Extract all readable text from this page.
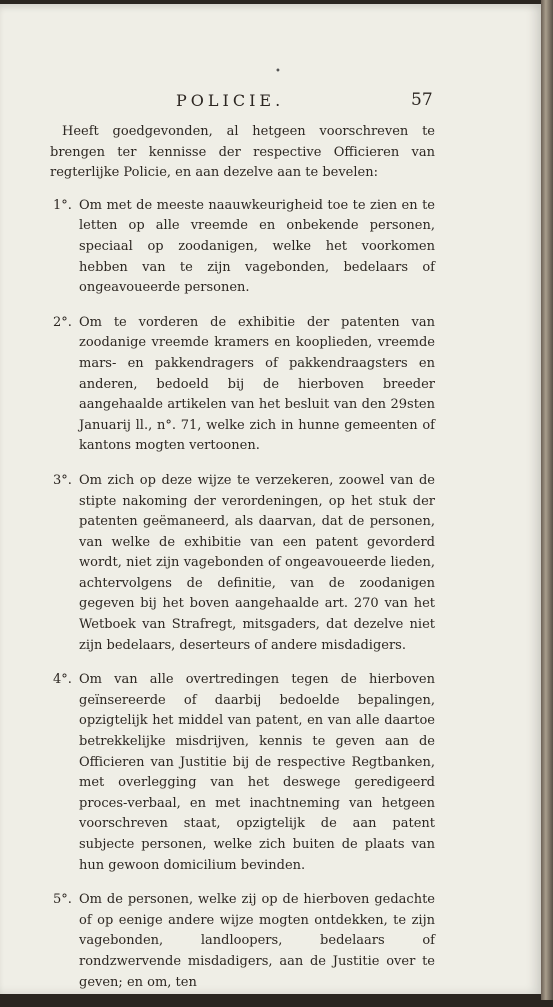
•
POLICIE.	57

Heeft goedgevonden, al hetgeen voorschreven te brengen ter kennisse der respective Officieren van regterlijke Policie, en aan dezelve aan te bevelen:

1°. Om met de meeste naauwkeurigheid toe te zien en te letten op alle vreemde en onbekende personen, speciaal op zoodanigen, welke het voorkomen hebben van te zijn vagebonden, bedelaars of ongeavoueerde personen.

2°. Om te vorderen de exhibitie der patenten van zoodanige vreemde kramers en kooplieden, vreemde mars- en pakkendragers of pakkendraagsters en anderen, bedoeld bij de hierboven breeder aangehaalde artikelen van het besluit van den 29sten Januarij ll., n°. 71, welke zich in hunne gemeenten of kantons mogten vertoonen.

3°. Om zich op deze wijze te verzekeren, zoowel van de stipte nakoming der verordeningen, op het stuk der patenten geëmaneerd, als daarvan, dat de personen, van welke de exhibitie van een patent gevorderd wordt, niet zijn vagebonden of ongeavoueerde lieden, achtervolgens de definitie, van de zoodanigen gegeven bij het boven aangehaalde art. 270 van het Wetboek van Strafregt, mitsgaders, dat dezelve niet zijn bedelaars, deserteurs of andere misdadigers.

4°. Om van alle overtredingen tegen de hierboven geïnsereerde of daarbij bedoelde bepalingen, opzigtelijk het middel van patent, en van alle daartoe betrekkelijke misdrijven, kennis te geven aan de Officieren van Justitie bij de respective Regtbanken, met overlegging van het deswege geredigeerd proces-verbaal, en met inachtneming van hetgeen voorschreven staat, opzigtelijk de aan patent subjecte personen, welke zich buiten de plaats van hun gewoon domicilium bevinden.

5°. Om de personen, welke zij op de hierboven gedachte of op eenige andere wijze mogten ontdekken, te zijn vagebonden, landloopers, bedelaars of rondzwervende misdadigers, aan de Justitie over te geven; en om, ten
